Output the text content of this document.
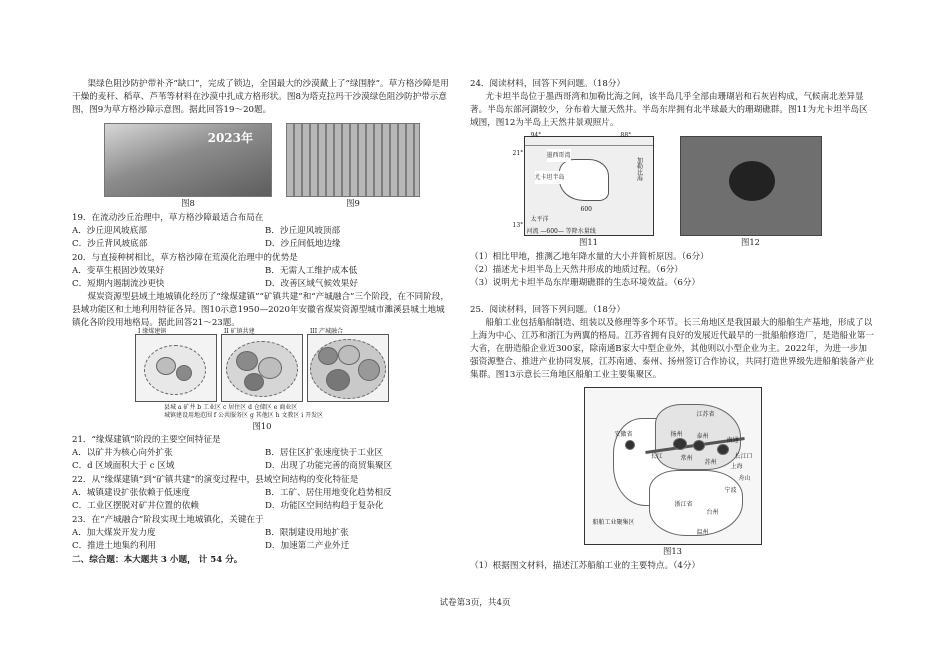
渠绿色阻沙防护带补齐“缺口”，完成了锁边，全国最大的沙漠戴上了“绿围脖”。草方格沙障是用干燥的麦秆、稻草、芦苇等材料在沙漠中扎成方格形状。图8为塔克拉玛干沙漠绿色阻沙防护带示意图，图9为草方格沙障示意图。据此回答19～20题。

2023年
图8	图9

19．在流动沙丘治理中，草方格沙障最适合布局在

A．沙丘迎风坡底部	B．沙丘迎风坡顶部
C．沙丘背风坡底部	D．沙丘间低地边缘

20．与直接种树相比，草方格沙障在荒漠化治理中的优势是

A．变草生根固沙效果好	B．无需人工维护成本低
C．短期内遏制流沙更快	D．改善区域气候效果好

煤炭资源型县域土地城镇化经历了“缘煤建镇”“矿镇共建”和“产城融合”三个阶段，在不同阶段，县域功能区和土地利用特征各异。图10示意1950—2020年安徽省煤炭资源型城市濉溪县城土地城镇化各阶段用地格局。据此回答21～23题。

I 缘煤建镇	II 矿镇共建	III 产城融合
县城 a 矿井 b 工业区 c 居住区 d 仓储区 e 商业区
城镇建设用地范围 f 公共服务区 g 其他区 h 文教区 i 开发区
图10

21．“缘煤建镇”阶段的主要空间特征是

A．以矿井为核心向外扩张	B．居住区扩张速度快于工业区
C．d 区域面积大于 c 区域	D．出现了功能完善的商贸集聚区

22．从“缘煤建镇”到“矿镇共建”的演变过程中，县域空间结构的变化特征是

A．城镇建设扩张依赖于低速度	B．工矿、居住用地变化趋势相反
C．工业区摆脱对矿井位置的依赖	D．功能区空间结构趋于复杂化

23．在“产城融合”阶段实现土地城镇化，关键在于

A．加大煤炭开发力度	B．限制建设用地扩张
C．推进土地集约利用	D．加速第二产业外迁

二、综合题：本大题共 3 小题， 计 54 分。

24．阅读材料，回答下列问题。（18分）

尤卡坦半岛位于墨西哥湾和加勒比海之间，该半岛几乎全部由珊瑚岩和石灰岩构成，气候南北差异显著。半岛东部河湖较少，分布着大量天然井。半岛东岸拥有北半球最大的珊瑚礁群。图11为尤卡坦半岛区域图，图12为半岛上天然井景观照片。

94°	88°
21°
13°
墨西哥湾
尤卡坦半岛	加勒比海
太平洋
600
河流 —600— 等降水量线
图11	图12

（1）相比甲地，推测乙地年降水量的大小并简析原因。（6分）

（2）描述尤卡坦半岛上天然井形成的地质过程。（6分）

（3）说明尤卡坦半岛东岸珊瑚礁群的生态环境效益。（6分）

25．阅读材料，回答下列问题。（18分）

船舶工业包括船舶制造、组装以及修理等多个环节。长三角地区是我国最大的船舶生产基地，形成了以上海为中心、江苏和浙江为两翼的格局。江苏省拥有良好的发展近代最早的一批船舶修造厂，是造船业第一大省，在册造船企业近300家，除南通B家大中型企业外，其他则以小型企业为主。2022年，为进一步加强资源整合、推进产业协同发展，江苏南通、泰州、扬州签订合作协议，共同打造世界级先进船舶装备产业集群。图13示意长三角地区船舶工业主要集聚区。

江苏省
安徽省	扬州 泰州
南通
常州
苏州
上海
长江
舟山
宁波
浙江省
台州
温州
船舶工业聚集区
长江口
图13

（1）根据图文材料，描述江苏船舶工业的主要特点。（4分）

试卷第3页，共4页
